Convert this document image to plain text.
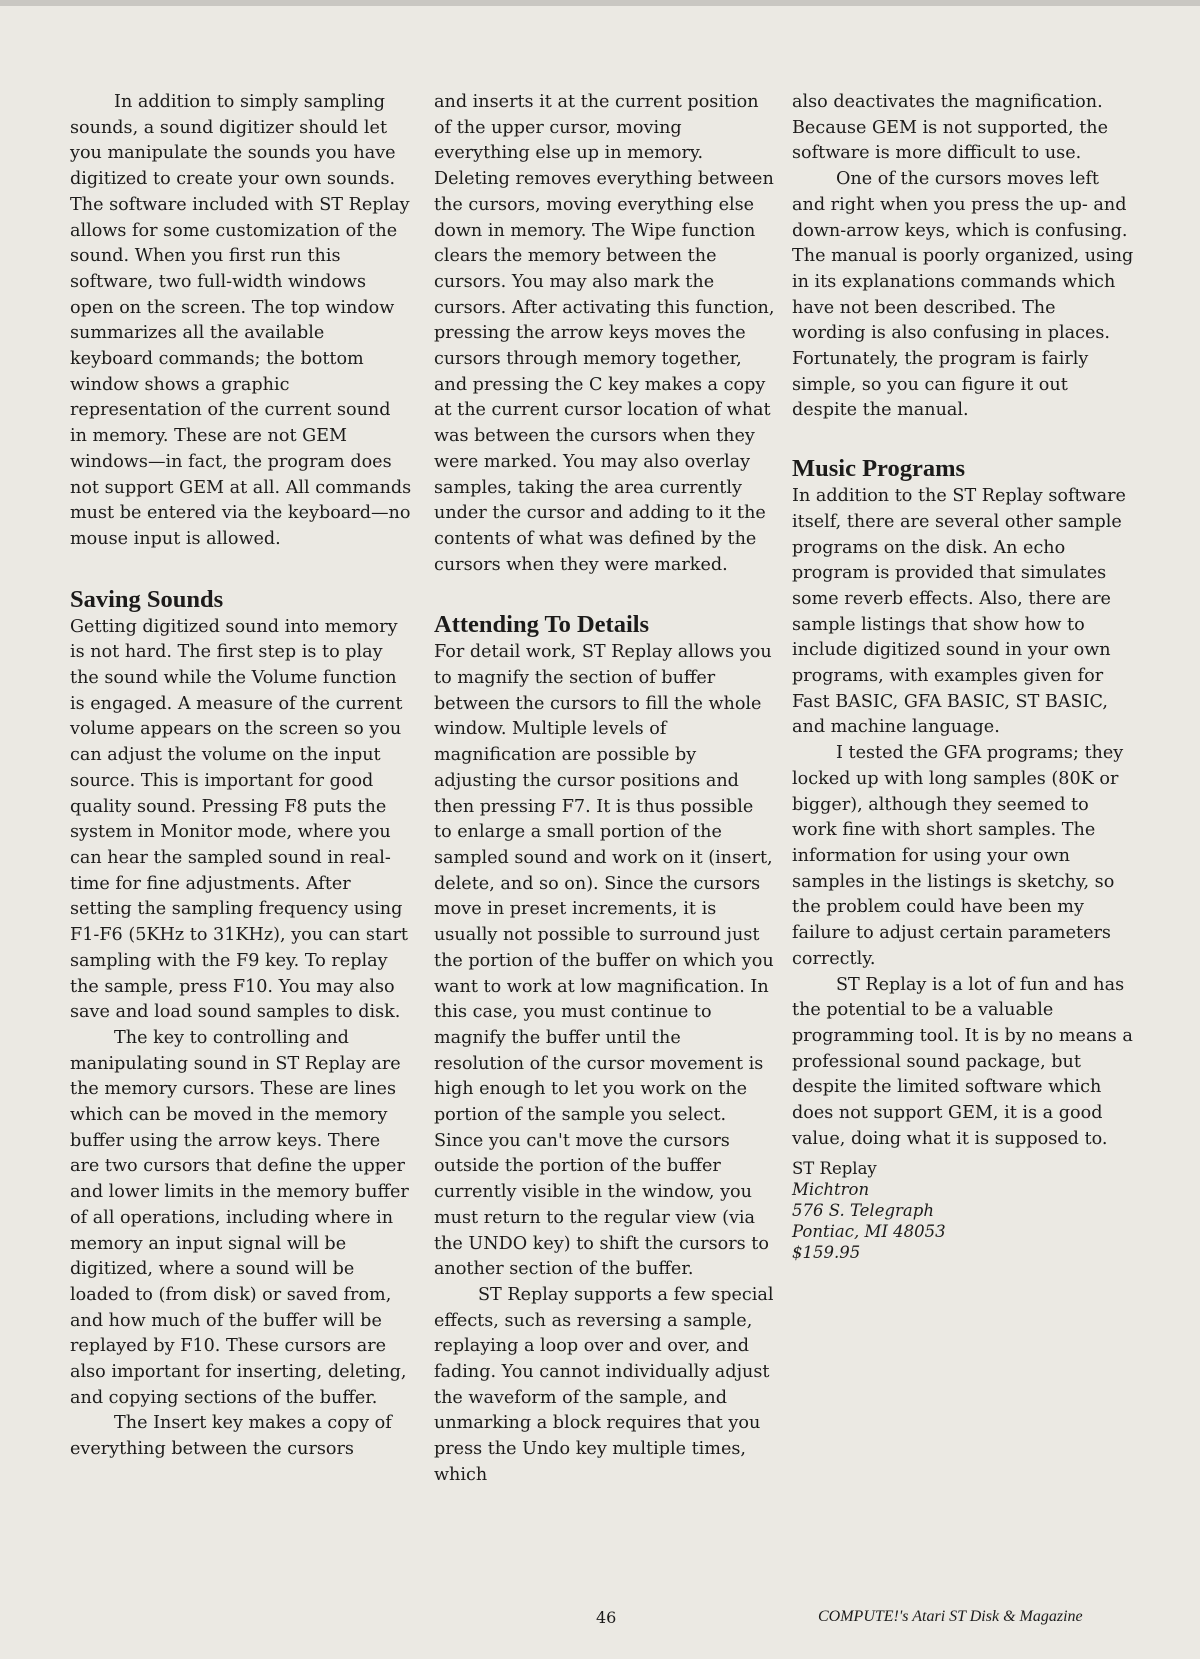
In addition to simply sampling sounds, a sound digitizer should let you manipulate the sounds you have digitized to create your own sounds. The software included with ST Replay allows for some customization of the sound. When you first run this software, two full-width windows open on the screen. The top window summarizes all the available keyboard commands; the bottom window shows a graphic representation of the current sound in memory. These are not GEM windows—in fact, the program does not support GEM at all. All commands must be entered via the keyboard—no mouse input is allowed.

Saving Sounds

Getting digitized sound into memory is not hard. The first step is to play the sound while the Volume function is engaged. A measure of the current volume appears on the screen so you can adjust the volume on the input source. This is important for good quality sound. Pressing F8 puts the system in Monitor mode, where you can hear the sampled sound in real-time for fine adjustments. After setting the sampling frequency using F1-F6 (5KHz to 31KHz), you can start sampling with the F9 key. To replay the sample, press F10. You may also save and load sound samples to disk.

The key to controlling and manipulating sound in ST Replay are the memory cursors. These are lines which can be moved in the memory buffer using the arrow keys. There are two cursors that define the upper and lower limits in the memory buffer of all operations, including where in memory an input signal will be digitized, where a sound will be loaded to (from disk) or saved from, and how much of the buffer will be replayed by F10. These cursors are also important for inserting, deleting, and copying sections of the buffer.

The Insert key makes a copy of everything between the cursors

and inserts it at the current position of the upper cursor, moving everything else up in memory. Deleting removes everything between the cursors, moving everything else down in memory. The Wipe function clears the memory between the cursors. You may also mark the cursors. After activating this function, pressing the arrow keys moves the cursors through memory together, and pressing the C key makes a copy at the current cursor location of what was between the cursors when they were marked. You may also overlay samples, taking the area currently under the cursor and adding to it the contents of what was defined by the cursors when they were marked.

Attending To Details

For detail work, ST Replay allows you to magnify the section of buffer between the cursors to fill the whole window. Multiple levels of magnification are possible by adjusting the cursor positions and then pressing F7. It is thus possible to enlarge a small portion of the sampled sound and work on it (insert, delete, and so on). Since the cursors move in preset increments, it is usually not possible to surround just the portion of the buffer on which you want to work at low magnification. In this case, you must continue to magnify the buffer until the resolution of the cursor movement is high enough to let you work on the portion of the sample you select. Since you can't move the cursors outside the portion of the buffer currently visible in the window, you must return to the regular view (via the UNDO key) to shift the cursors to another section of the buffer.

ST Replay supports a few special effects, such as reversing a sample, replaying a loop over and over, and fading. You cannot individually adjust the waveform of the sample, and unmarking a block requires that you press the Undo key multiple times, which

also deactivates the magnification. Because GEM is not supported, the software is more difficult to use.

One of the cursors moves left and right when you press the up- and down-arrow keys, which is confusing. The manual is poorly organized, using in its explanations commands which have not been described. The wording is also confusing in places. Fortunately, the program is fairly simple, so you can figure it out despite the manual.

Music Programs

In addition to the ST Replay software itself, there are several other sample programs on the disk. An echo program is provided that simulates some reverb effects. Also, there are sample listings that show how to include digitized sound in your own programs, with examples given for Fast BASIC, GFA BASIC, ST BASIC, and machine language.

I tested the GFA programs; they locked up with long samples (80K or bigger), although they seemed to work fine with short samples. The information for using your own samples in the listings is sketchy, so the problem could have been my failure to adjust certain parameters correctly.

ST Replay is a lot of fun and has the potential to be a valuable programming tool. It is by no means a professional sound package, but despite the limited software which does not support GEM, it is a good value, doing what it is supposed to.

ST Replay
Michtron
576 S. Telegraph
Pontiac, MI 48053
$159.95
46	COMPUTE!'s Atari ST Disk & Magazine
